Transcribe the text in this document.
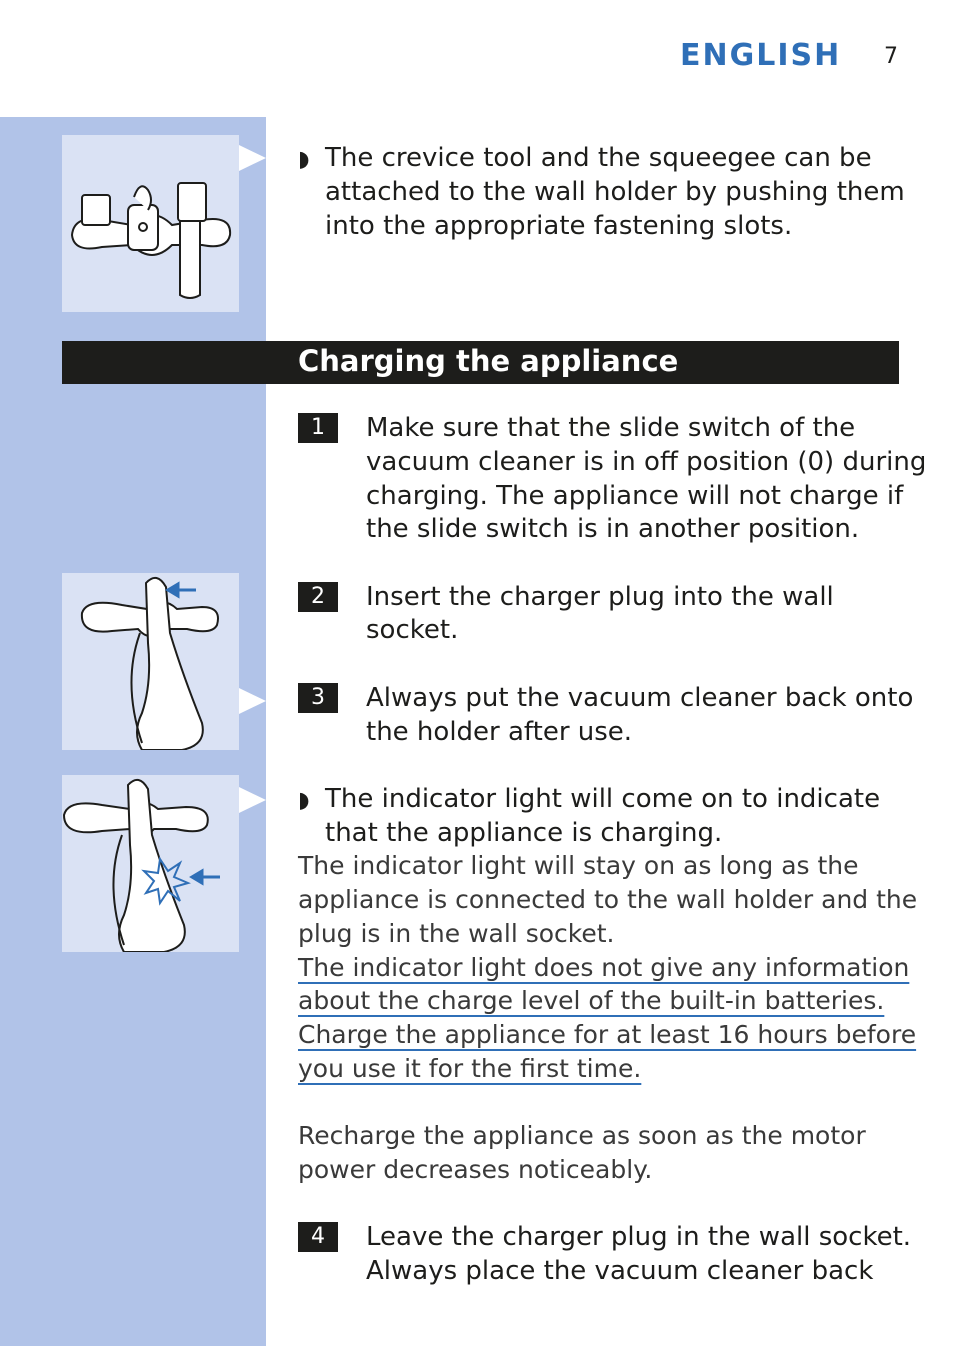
ENGLISH 7
◗ The crevice tool and the squeegee can be
attached to the wall holder by pushing them
into the appropriate fastening slots.
Charging the appliance
1	Make sure that the slide switch of the
vacuum cleaner is in off position (0) during
charging. The appliance will not charge if
the slide switch is in another position.
2	Insert the charger plug into the wall
socket.
3	Always put the vacuum cleaner back onto
the holder after use.
◗ The indicator light will come on to indicate
that the appliance is charging.
The indicator light will stay on as long as the
appliance is connected to the wall holder and the
plug is in the wall socket.
The indicator light does not give any information
about the charge level of the built-in batteries.
Charge the appliance for at least 16 hours before
you use it for the first time.
Recharge the appliance as soon as the motor
power decreases noticeably.
4	Leave the charger plug in the wall socket.
Always place the vacuum cleaner back
